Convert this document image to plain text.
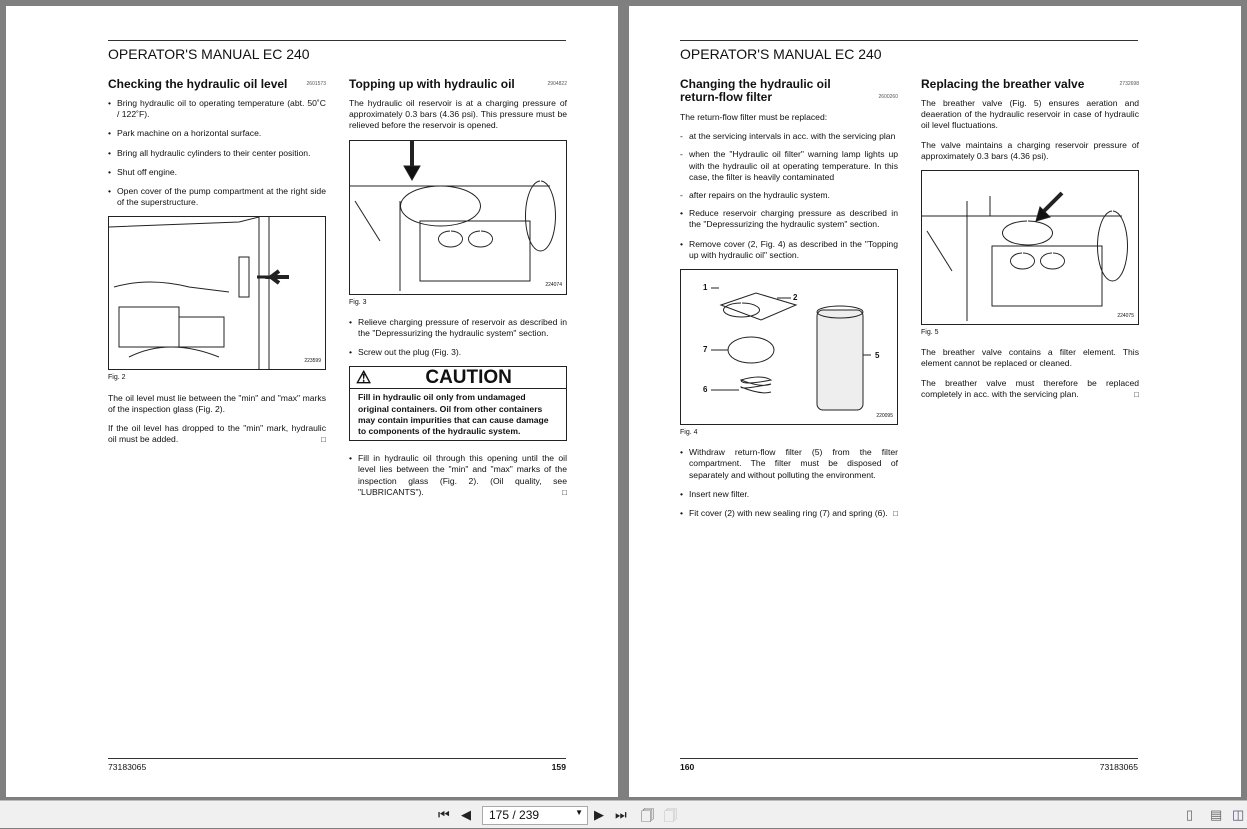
OPERATOR'S MANUAL EC 240
Checking the hydraulic oil level	2601573
• Bring hydraulic oil to operating temperature (abt. 50˚C / 122˚F).
• Park machine on a horizontal surface.
• Bring all hydraulic cylinders to their center position.
• Shut off engine.
• Open cover of the pump compartment at the right side of the superstructure.
223599
Fig. 2

The oil level must lie between the "min" and "max" marks of the inspection glass (Fig. 2).

If the oil level has dropped to the "min" mark, hydraulic oil must be added.	□

Topping up with hydraulic oil	2904822

The hydraulic oil reservoir is at a charging pressure of approximately 0.3 bars (4.36 psi). This pressure must be relieved before the reservoir is opened.

224074
Fig. 3
• Relieve charging pressure of reservoir as described in the "Depressurizing the hydraulic system" section.
• Screw out the plug (Fig. 3).
⚠	CAUTION
Fill in hydraulic oil only from undamaged original containers. Oil from other containers may contain impurities that can cause damage to components of the hydraulic system.
• Fill in hydraulic oil through this opening until the oil level lies between the "min" and "max" marks of the inspection glass (Fig. 2). (Oil quality, see "LUBRICANTS").	□
73183065	159
OPERATOR'S MANUAL EC 240
Changing the hydraulic oil return-flow filter	2600260

The return-flow filter must be replaced:

- at the servicing intervals in acc. with the servicing plan
- when the "Hydraulic oil filter" warning lamp lights up with the hydraulic oil at operating temperature. In this case, the filter is heavily contaminated
- after repairs on the hydraulic system.
• Reduce reservoir charging pressure as described in the "Depressurizing the hydraulic system" section.
• Remove cover (2, Fig. 4) as described in the "Topping up with hydraulic oil" section.
1
2
5
6
7
220095
Fig. 4
• Withdraw return-flow filter (5) from the filter compartment. The filter must be disposed of separately and without polluting the environment.
• Insert new filter.
• Fit cover (2) with new sealing ring (7) and spring (6). □
Replacing the breather valve	2732698

The breather valve (Fig. 5) ensures aeration and deaeration of the hydraulic reservoir in case of hydraulic oil level fluctuations.

The valve maintains a charging reservoir pressure of approximately 0.3 bars (4.36 psi).

224075
Fig. 5

The breather valve contains a filter element. This element cannot be replaced or cleaned.

The breather valve must therefore be replaced completely in acc. with the servicing plan.	□

160	73183065
⏮ ◀	175 / 239	▼ ▶ ⏭ 🗍 🗍	▯ ▤ ◫
